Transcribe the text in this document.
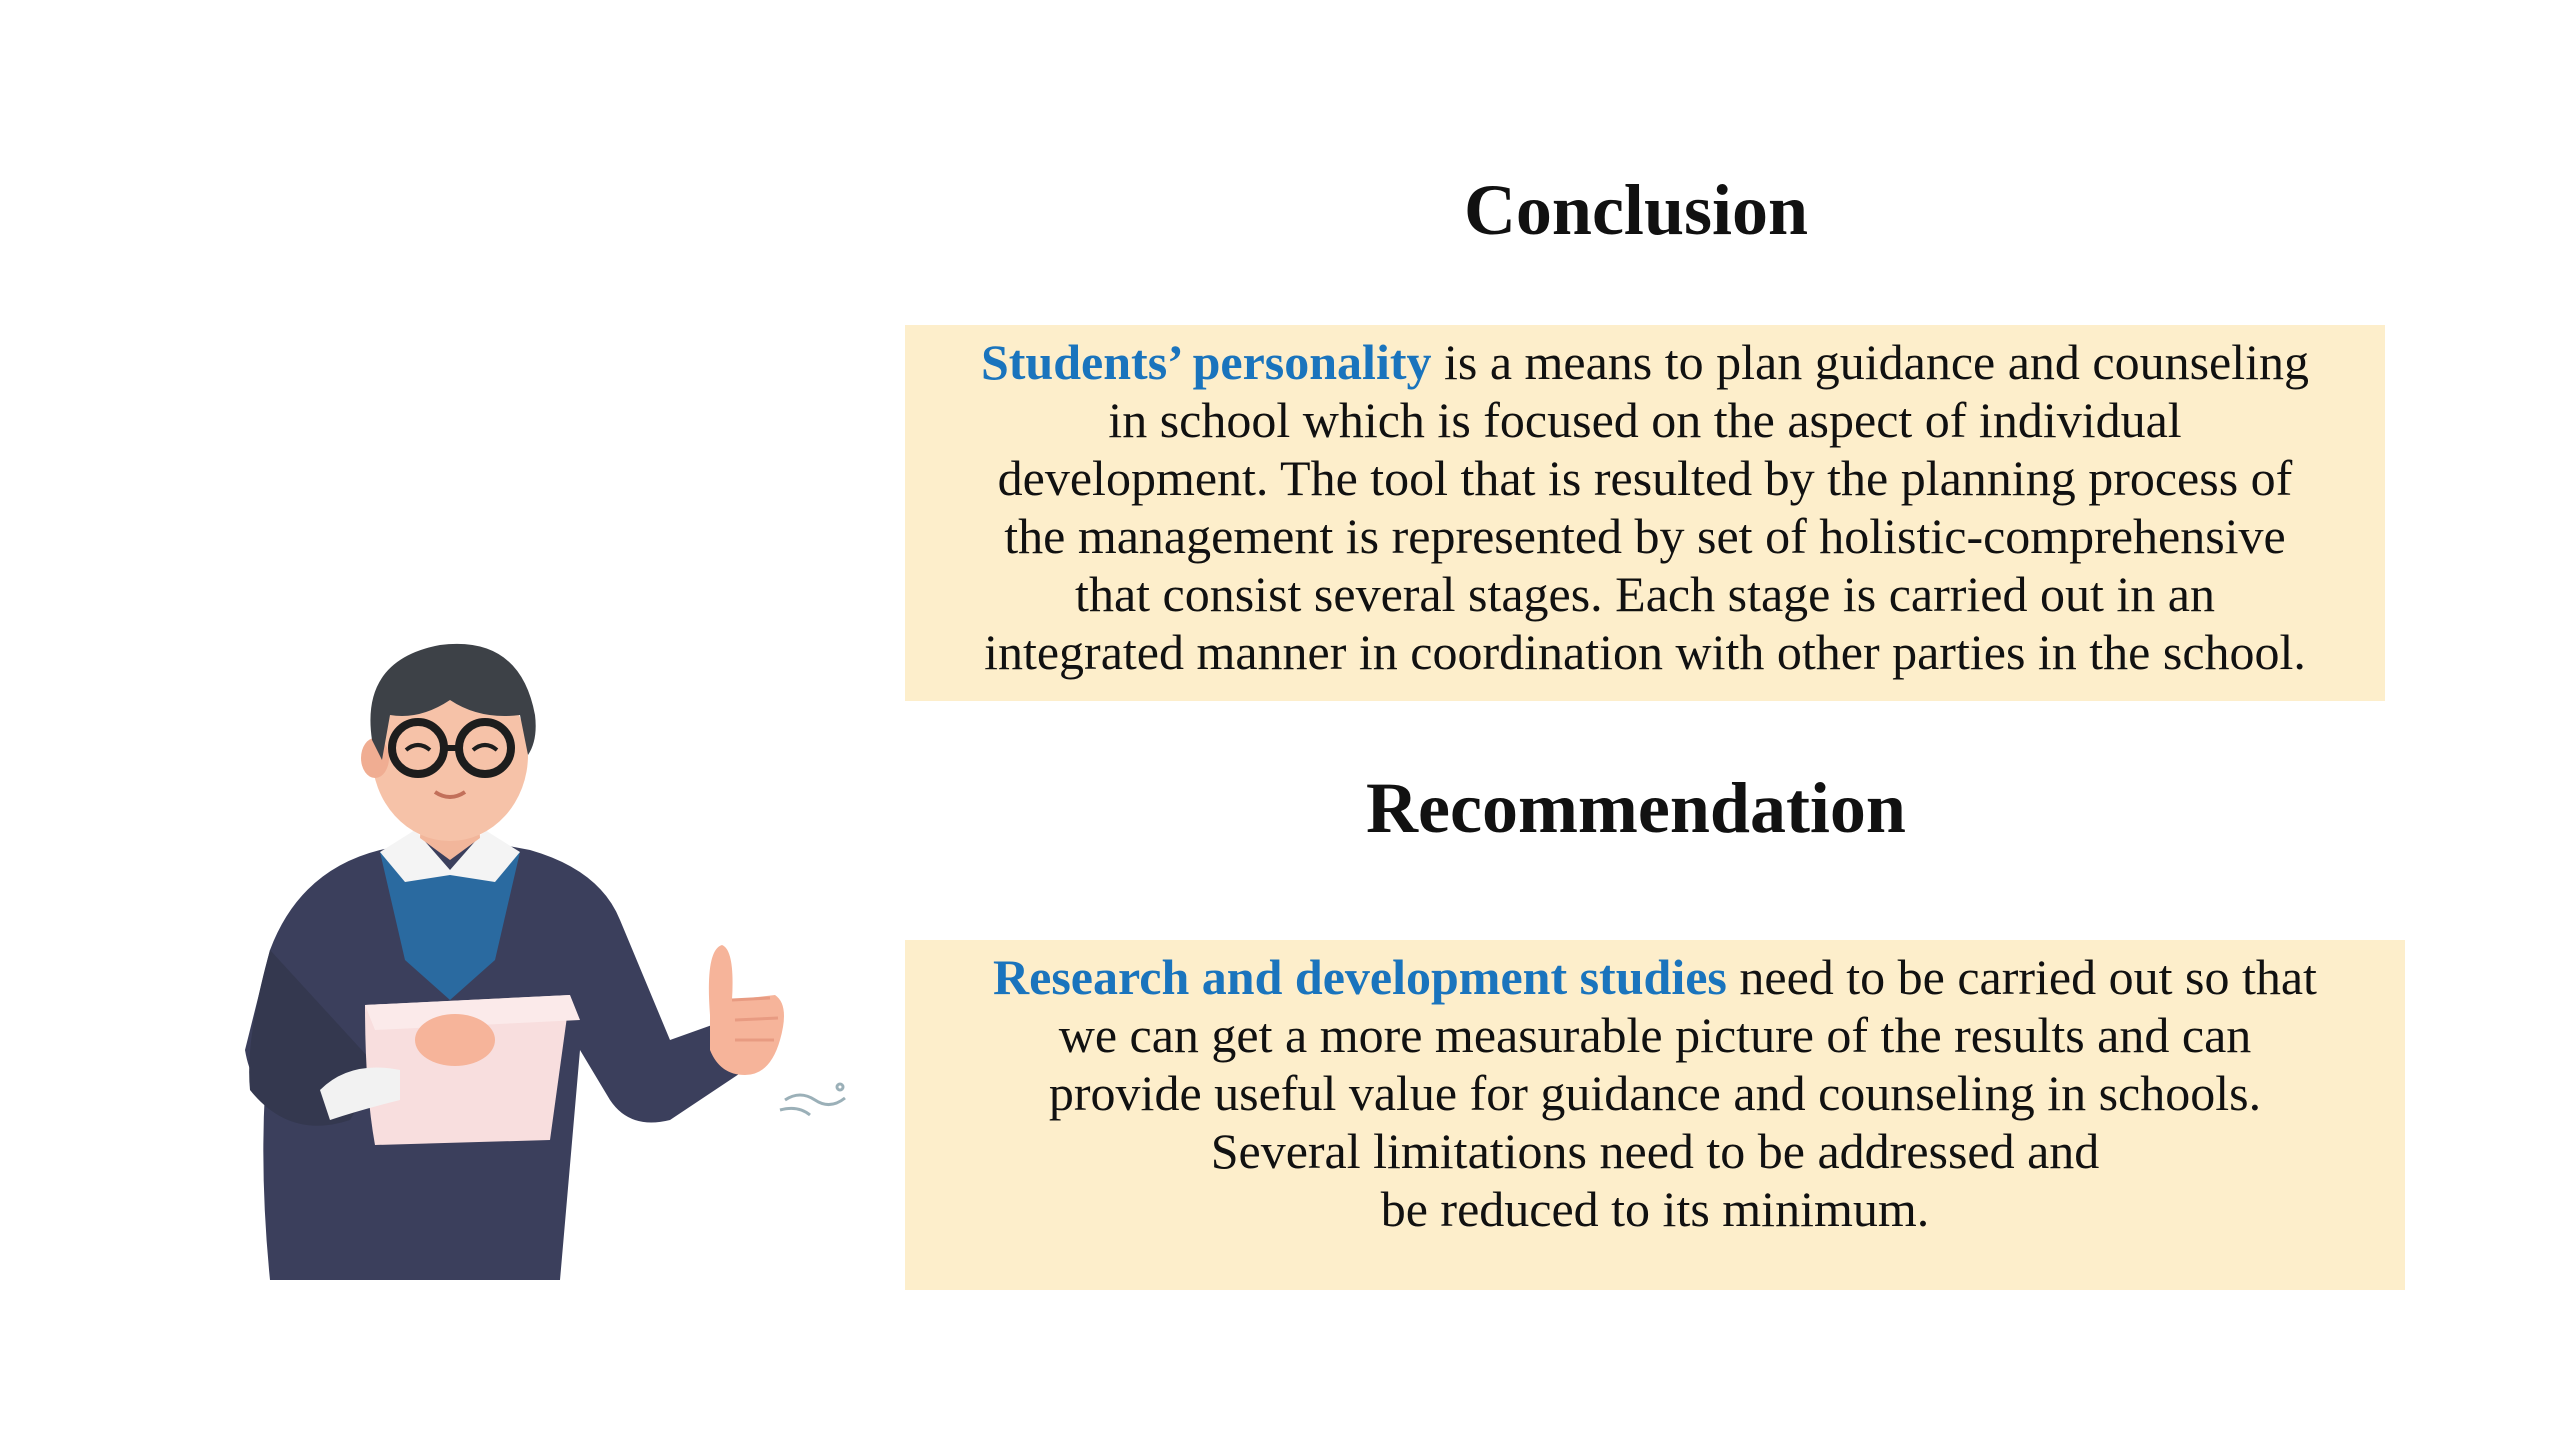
Conclusion
Students’ personality is a means to plan guidance and counseling
in school which is focused on the aspect of individual
development. The tool that is resulted by the planning process of
the management is represented by set of holistic-comprehensive
that consist several stages. Each stage is carried out in an
integrated manner in coordination with other parties in the school.
Recommendation
Research and development studies need to be carried out so that
we can get a more measurable picture of the results and can
provide useful value for guidance and counseling in schools.
Several limitations need to be addressed and
be reduced to its minimum.
